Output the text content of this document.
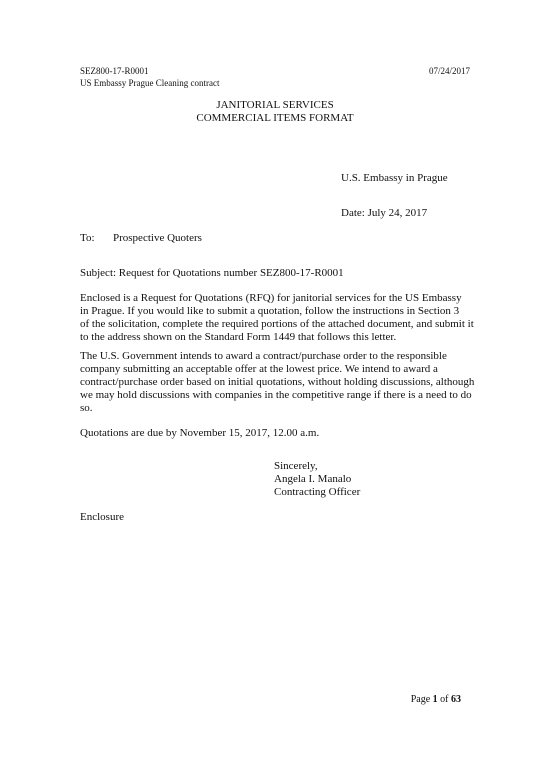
SEZ800-17-R0001
US Embassy Prague Cleaning contract
07/24/2017
JANITORIAL SERVICES
COMMERCIAL ITEMS FORMAT
U.S. Embassy in Prague
Date: July 24, 2017
To: Prospective Quoters
Subject: Request for Quotations number SEZ800-17-R0001
Enclosed is a Request for Quotations (RFQ) for janitorial services for the US Embassy
in Prague. If you would like to submit a quotation, follow the instructions in Section 3
of the solicitation, complete the required portions of the attached document, and submit it
to the address shown on the Standard Form 1449 that follows this letter.
The U.S. Government intends to award a contract/purchase order to the responsible
company submitting an acceptable offer at the lowest price. We intend to award a
contract/purchase order based on initial quotations, without holding discussions, although
we may hold discussions with companies in the competitive range if there is a need to do
so.
Quotations are due by November 15, 2017, 12.00 a.m.
Sincerely,
Angela I. Manalo
Contracting Officer
Enclosure
Page 1 of 63
